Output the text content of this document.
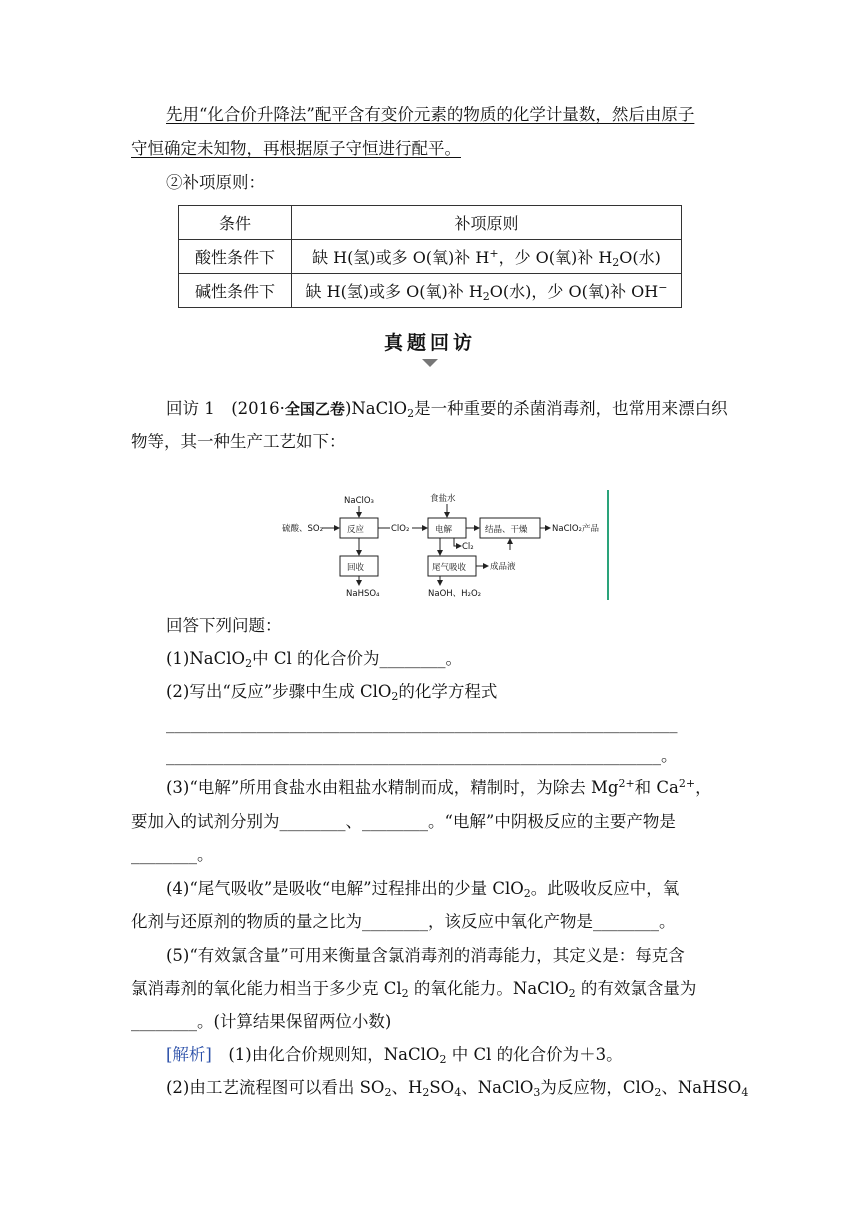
先用“化合价升降法”配平含有变价元素的物质的化学计量数，然后由原子
守恒确定未知物，再根据原子守恒进行配平。
②补项原则：
条件	补项原则
酸性条件下	缺 H(氢)或多 O(氧)补 H+，少 O(氧)补 $H_2O$(水)
碱性条件下	缺 H(氢)或多 O(氧)补 $H_2O$(水)，少 O(氧)补 OH−
真题回访
回访 1　(2016·全国乙卷)NaClO$_2$是一种重要的杀菌消毒剂，也常用来漂白织
物等，其一种生产工艺如下：
硫酸、SO₂
NaClO₃
反应	ClO₂
食盐水
电解
Cl₂
结晶、干燥	NaClO₂产品
回收
NaHSO₄
尾气吸收	成品液
NaOH、H₂O₂
回答下列问题：
(1)NaClO$_2$中 Cl 的化合价为________。
(2)写出“反应”步骤中生成 ClO$_2$的化学方程式
______________________________________________________________
____________________________________________________________。
(3)“电解”所用食盐水由粗盐水精制而成，精制时，为除去 $Mg^{2+}$和 $Ca^{2+}$，
要加入的试剂分别为________、________。“电解”中阴极反应的主要产物是
________。
(4)“尾气吸收”是吸收“电解”过程排出的少量 ClO$_2$。此吸收反应中，氧
化剂与还原剂的物质的量之比为________，该反应中氧化产物是________。
(5)“有效氯含量”可用来衡量含氯消毒剂的消毒能力，其定义是：每克含
氯消毒剂的氧化能力相当于多少克 $Cl_2$ 的氧化能力。NaClO$_2$ 的有效氯含量为
________。(计算结果保留两位小数)
[解析]　(1)由化合价规则知，NaClO$_2$ 中 Cl 的化合价为＋3。
(2)由工艺流程图可以看出 $SO_2$、$H_2SO_4$、NaClO$_3$为反应物，ClO$_2$、NaHSO$_4$
